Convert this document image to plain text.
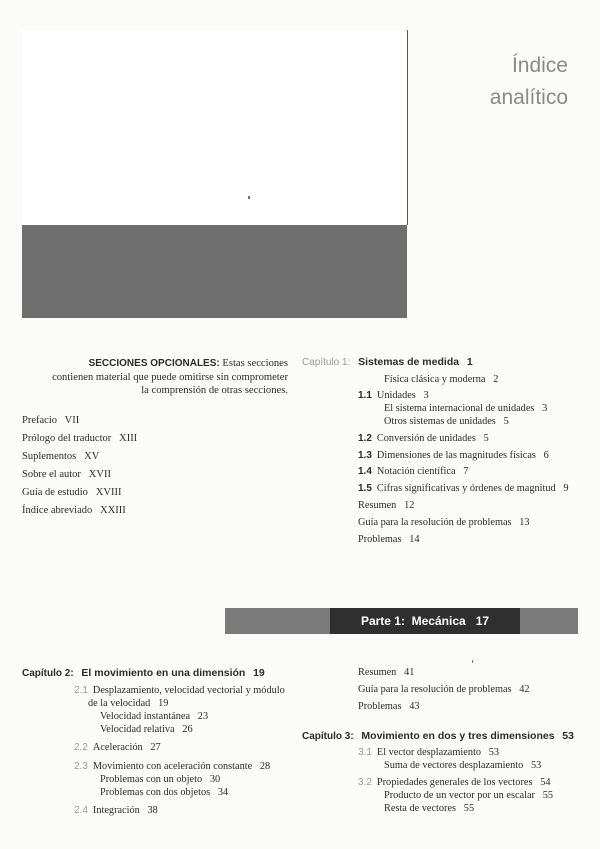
Índice
analítico
SECCIONES OPCIONALES: Estas secciones contienen material que puede omitirse sin comprometer la comprensión de otras secciones.
Prefacio VII
Prólogo del traductor XIII
Suplementos XV
Sobre el autor XVII
Guía de estudio XVIII
Índice abreviado XXIII
Capítulo 1: Sistemas de medida 1
Física clásica y moderna 2
1.1 Unidades 3
El sistema internacional de unidades 3
Otros sistemas de unidades 5
1.2 Conversión de unidades 5
1.3 Dimensiones de las magnitudes físicas 6
1.4 Notación científica 7
1.5 Cifras significativas y órdenes de magnitud 9
Resumen 12
Guía para la resolución de problemas 13
Problemas 14
Parte 1: Mecánica 17
Capítulo 2: El movimiento en una dimensión 19
2.1 Desplazamiento, velocidad vectorial y módulo
de la velocidad 19
Velocidad instantánea 23
Velocidad relativa 26
2.2 Aceleración 27
2.3 Movimiento con aceleración constante 28
Problemas con un objeto 30
Problemas con dos objetos 34
2.4 Integración 38
Resumen 41
Guía para la resolución de problemas 42
Problemas 43
Capítulo 3: Movimiento en dos y tres dimensiones 53
3.1 El vector desplazamiento 53
Suma de vectores desplazamiento 53
3.2 Propiedades generales de los vectores 54
Producto de un vector por un escalar 55
Resta de vectores 55
